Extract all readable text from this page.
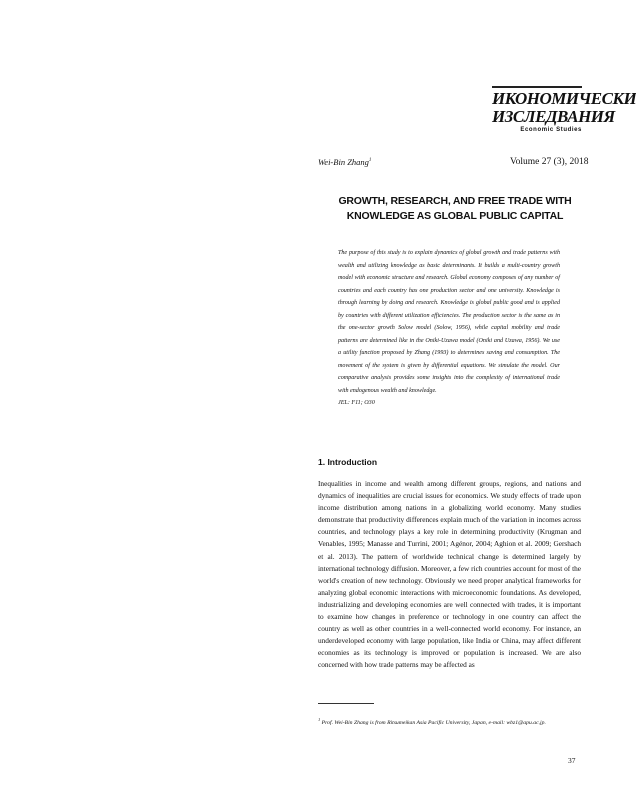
ИКОНОМИЧЕСКИ
ИЗСЛЕДВАНИЯ
Economic Studies
Wei-Bin Zhang$^1$	Volume 27 (3), 2018
GROWTH, RESEARCH, AND FREE TRADE WITH KNOWLEDGE AS GLOBAL PUBLIC CAPITAL
The purpose of this study is to explain dynamics of global growth and trade patterns with wealth and utilizing knowledge as basic determinants. It builds a multi-country growth model with economic structure and research. Global economy composes of any number of countries and each country has one production sector and one university. Knowledge is through learning by doing and research. Knowledge is global public good and is applied by countries with different utilization efficiencies. The production sector is the same as in the one-sector growth Solow model (Solow, 1956), while capital mobility and trade patterns are determined like in the Oniki-Uzawa model (Oniki and Uzawa, 1956). We use a utility function proposed by Zhang (1993) to determines saving and consumption. The movement of the system is given by differential equations. We simulate the model. Our comparative analysis provides some insights into the complexity of international trade with endogenous wealth and knowledge.
JEL: F11; O30
1. Introduction
Inequalities in income and wealth among different groups, regions, and nations and dynamics of inequalities are crucial issues for economics. We study effects of trade upon income distribution among nations in a globalizing world economy. Many studies demonstrate that productivity differences explain much of the variation in incomes across countries, and technology plays a key role in determining productivity (Krugman and Venables, 1995; Manasse and Turrini, 2001; Agénor, 2004; Aghion et al. 2009; Gershach et al. 2013). The pattern of worldwide technical change is determined largely by international technology diffusion. Moreover, a few rich countries account for most of the world's creation of new technology. Obviously we need proper analytical frameworks for analyzing global economic interactions with microeconomic foundations. As developed, industrializing and developing economies are well connected with trades, it is important to examine how changes in preference or technology in one country can affect the country as well as other countries in a well-connected world economy. For instance, an underdeveloped economy with large population, like India or China, may affect different economies as its technology is improved or population is increased. We are also concerned with how trade patterns may be affected as
$^1$ Prof. Wei-Bin Zhang is from Ritsumeikan Asia Pacific University, Japan, e-mail: wbz1@apu.ac.jp.
37
